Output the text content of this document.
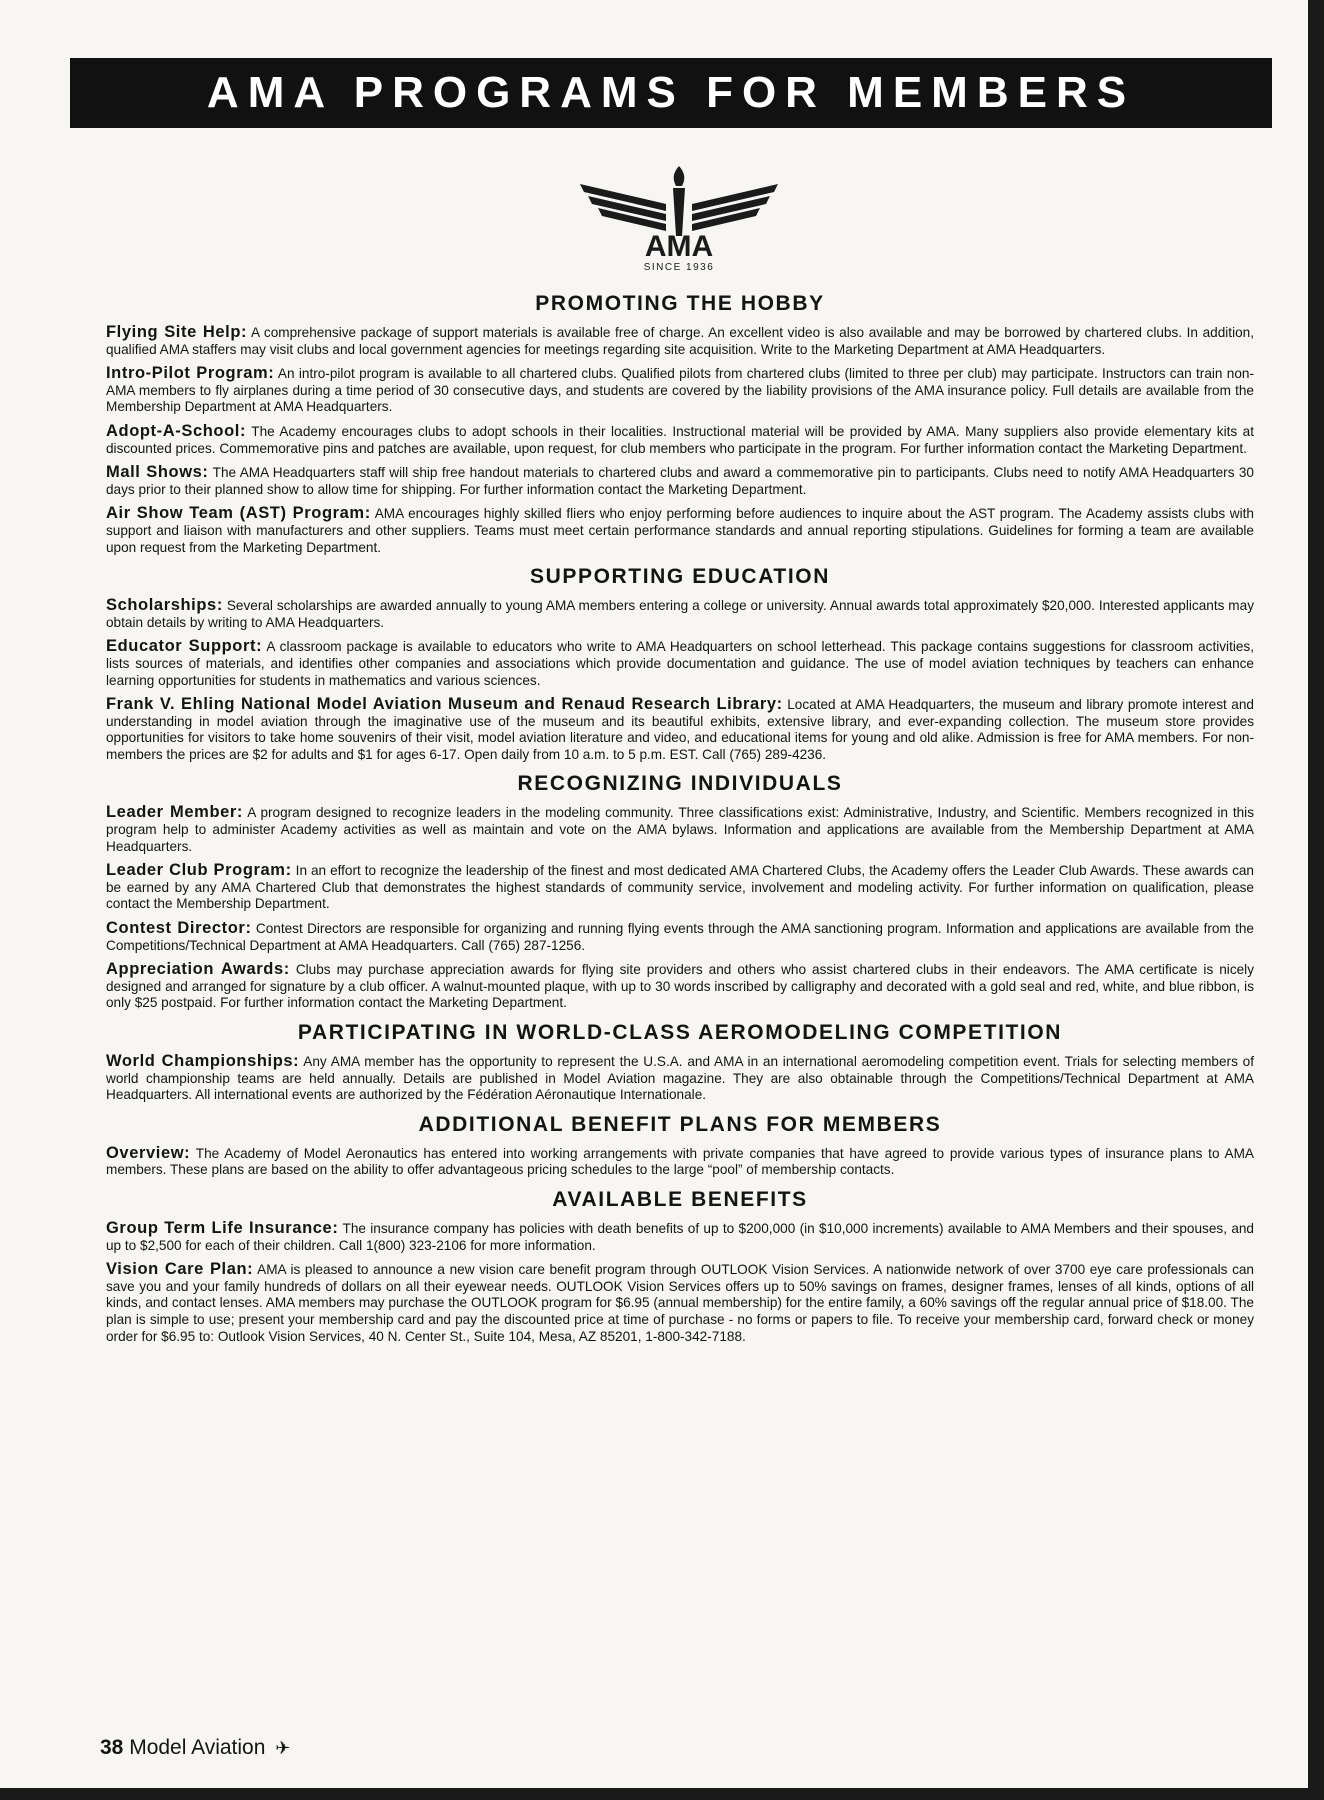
AMA PROGRAMS FOR MEMBERS
AMA
SINCE 1936
PROMOTING THE HOBBY

Flying Site Help: A comprehensive package of support materials is available free of charge. An excellent video is also available and may be borrowed by chartered clubs. In addition, qualified AMA staffers may visit clubs and local government agencies for meetings regarding site acquisition. Write to the Marketing Department at AMA Headquarters.

Intro-Pilot Program: An intro-pilot program is available to all chartered clubs. Qualified pilots from chartered clubs (limited to three per club) may participate. Instructors can train non-AMA members to fly airplanes during a time period of 30 consecutive days, and students are covered by the liability provisions of the AMA insurance policy. Full details are available from the Membership Department at AMA Headquarters.

Adopt-A-School: The Academy encourages clubs to adopt schools in their localities. Instructional material will be provided by AMA. Many suppliers also provide elementary kits at discounted prices. Commemorative pins and patches are available, upon request, for club members who participate in the program. For further information contact the Marketing Department.

Mall Shows: The AMA Headquarters staff will ship free handout materials to chartered clubs and award a commemorative pin to participants. Clubs need to notify AMA Headquarters 30 days prior to their planned show to allow time for shipping. For further information contact the Marketing Department.

Air Show Team (AST) Program: AMA encourages highly skilled fliers who enjoy performing before audiences to inquire about the AST program. The Academy assists clubs with support and liaison with manufacturers and other suppliers. Teams must meet certain performance standards and annual reporting stipulations. Guidelines for forming a team are available upon request from the Marketing Department.

SUPPORTING EDUCATION

Scholarships: Several scholarships are awarded annually to young AMA members entering a college or university. Annual awards total approximately $20,000. Interested applicants may obtain details by writing to AMA Headquarters.

Educator Support: A classroom package is available to educators who write to AMA Headquarters on school letterhead. This package contains suggestions for classroom activities, lists sources of materials, and identifies other companies and associations which provide documentation and guidance. The use of model aviation techniques by teachers can enhance learning opportunities for students in mathematics and various sciences.

Frank V. Ehling National Model Aviation Museum and Renaud Research Library: Located at AMA Headquarters, the museum and library promote interest and understanding in model aviation through the imaginative use of the museum and its beautiful exhibits, extensive library, and ever-expanding collection. The museum store provides opportunities for visitors to take home souvenirs of their visit, model aviation literature and video, and educational items for young and old alike. Admission is free for AMA members. For non-members the prices are $2 for adults and $1 for ages 6-17. Open daily from 10 a.m. to 5 p.m. EST. Call (765) 289-4236.

RECOGNIZING INDIVIDUALS

Leader Member: A program designed to recognize leaders in the modeling community. Three classifications exist: Administrative, Industry, and Scientific. Members recognized in this program help to administer Academy activities as well as maintain and vote on the AMA bylaws. Information and applications are available from the Membership Department at AMA Headquarters.

Leader Club Program: In an effort to recognize the leadership of the finest and most dedicated AMA Chartered Clubs, the Academy offers the Leader Club Awards. These awards can be earned by any AMA Chartered Club that demonstrates the highest standards of community service, involvement and modeling activity. For further information on qualification, please contact the Membership Department.

Contest Director: Contest Directors are responsible for organizing and running flying events through the AMA sanctioning program. Information and applications are available from the Competitions/Technical Department at AMA Headquarters. Call (765) 287-1256.

Appreciation Awards: Clubs may purchase appreciation awards for flying site providers and others who assist chartered clubs in their endeavors. The AMA certificate is nicely designed and arranged for signature by a club officer. A walnut-mounted plaque, with up to 30 words inscribed by calligraphy and decorated with a gold seal and red, white, and blue ribbon, is only $25 postpaid. For further information contact the Marketing Department.

PARTICIPATING IN WORLD-CLASS AEROMODELING COMPETITION

World Championships: Any AMA member has the opportunity to represent the U.S.A. and AMA in an international aeromodeling competition event. Trials for selecting members of world championship teams are held annually. Details are published in Model Aviation magazine. They are also obtainable through the Competitions/Technical Department at AMA Headquarters. All international events are authorized by the Fédération Aéronautique Internationale.

ADDITIONAL BENEFIT PLANS FOR MEMBERS

Overview: The Academy of Model Aeronautics has entered into working arrangements with private companies that have agreed to provide various types of insurance plans to AMA members. These plans are based on the ability to offer advantageous pricing schedules to the large “pool” of membership contacts.

AVAILABLE BENEFITS

Group Term Life Insurance: The insurance company has policies with death benefits of up to $200,000 (in $10,000 increments) available to AMA Members and their spouses, and up to $2,500 for each of their children. Call 1(800) 323-2106 for more information.

Vision Care Plan: AMA is pleased to announce a new vision care benefit program through OUTLOOK Vision Services. A nationwide network of over 3700 eye care professionals can save you and your family hundreds of dollars on all their eyewear needs. OUTLOOK Vision Services offers up to 50% savings on frames, designer frames, lenses of all kinds, options of all kinds, and contact lenses. AMA members may purchase the OUTLOOK program for $6.95 (annual membership) for the entire family, a 60% savings off the regular annual price of $18.00. The plan is simple to use; present your membership card and pay the discounted price at time of purchase - no forms or papers to file. To receive your membership card, forward check or money order for $6.95 to: Outlook Vision Services, 40 N. Center St., Suite 104, Mesa, AZ 85201, 1-800-342-7188.

38 Model Aviation ✈
